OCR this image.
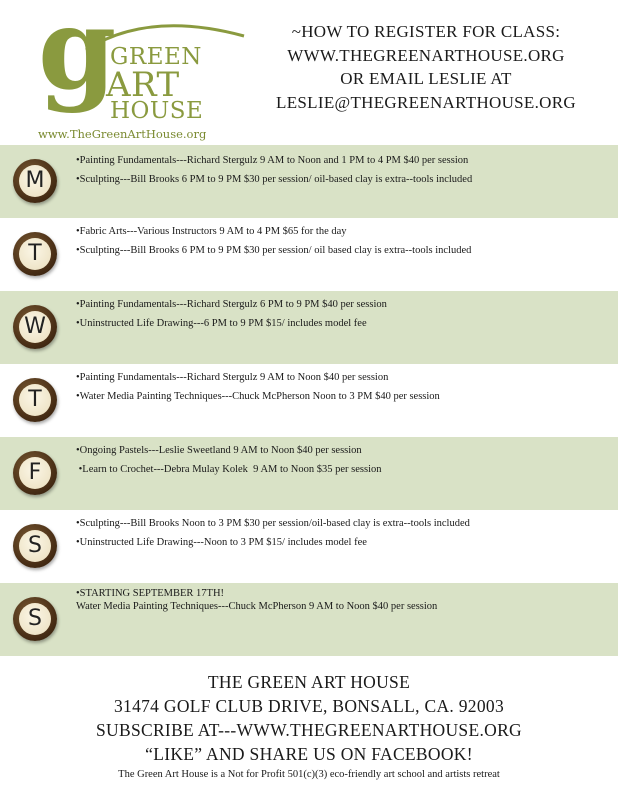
g
GREEN
ART
HOUSE
www.TheGreenArtHouse.org
~HOW TO REGISTER FOR CLASS:
WWW.THEGREENARTHOUSE.ORG
OR EMAIL LESLIE AT
LESLIE@THEGREENARTHOUSE.ORG
M
•Painting Fundamentals---Richard Stergulz 9 AM to Noon and 1 PM to 4 PM $40 per session
•Sculpting---Bill Brooks 6 PM to 9 PM $30 per session/ oil-based clay is extra--tools included
T
•Fabric Arts---Various Instructors 9 AM to 4 PM $65 for the day
•Sculpting---Bill Brooks 6 PM to 9 PM $30 per session/ oil based clay is extra--tools included
W
•Painting Fundamentals---Richard Stergulz 6 PM to 9 PM $40 per session
•Uninstructed Life Drawing---6 PM to 9 PM $15/ includes model fee
T
•Painting Fundamentals---Richard Stergulz 9 AM to Noon $40 per session
•Water Media Painting Techniques---Chuck McPherson Noon to 3 PM $40 per session
F
•Ongoing Pastels---Leslie Sweetland 9 AM to Noon $40 per session
•Learn to Crochet---Debra Mulay Kolek  9 AM to Noon $35 per session
S
•Sculpting---Bill Brooks Noon to 3 PM $30 per session/oil-based clay is extra--tools included
•Uninstructed Life Drawing---Noon to 3 PM $15/ includes model fee
S
•STARTING SEPTEMBER 17TH!
Water Media Painting Techniques---Chuck McPherson 9 AM to Noon $40 per session
THE GREEN ART HOUSE
31474 GOLF CLUB DRIVE, BONSALL, CA. 92003
SUBSCRIBE AT---WWW.THEGREENARTHOUSE.ORG
“LIKE” AND SHARE US ON FACEBOOK!
The Green Art House is a Not for Profit 501(c)(3) eco-friendly art school and artists retreat
